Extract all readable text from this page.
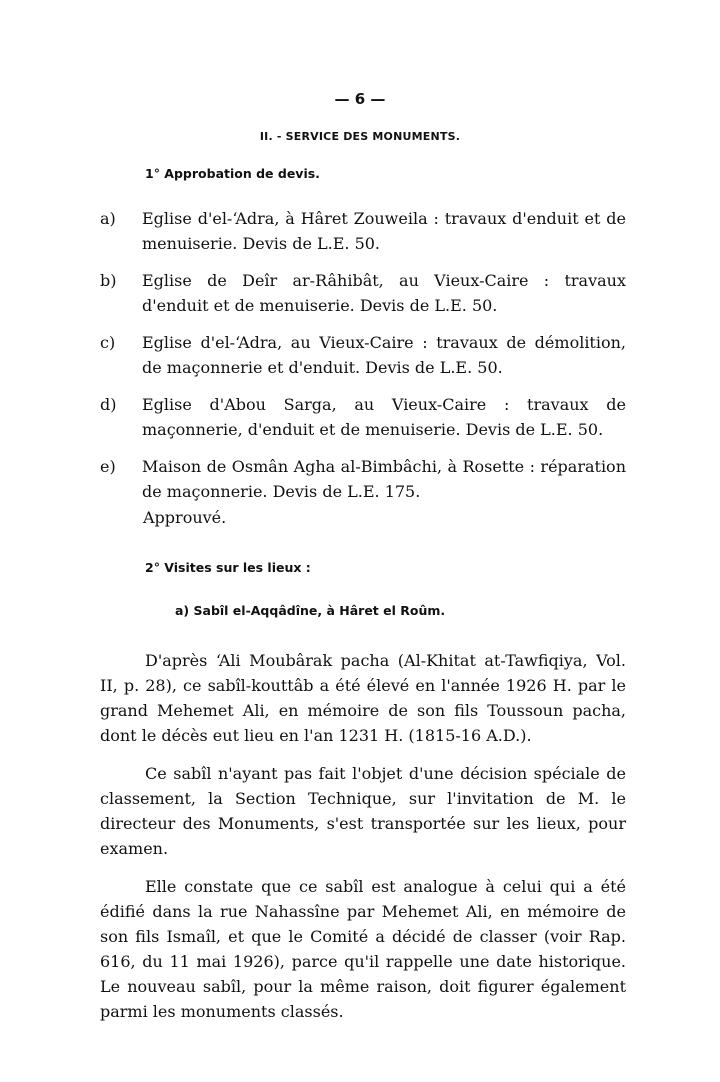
— 6 —
II. - SERVICE DES MONUMENTS.
1° Approbation de devis.
a)	Eglise d'el-ʻAdra, à Hâret Zouweila : travaux d'enduit et de menuiserie. Devis de L.E. 50.
b)	Eglise de Deîr ar-Râhibât, au Vieux-Caire : travaux d'enduit et de menuiserie. Devis de L.E. 50.
c)	Eglise d'el-ʻAdra, au Vieux-Caire : travaux de démolition, de maçonnerie et d'enduit. Devis de L.E. 50.
d)	Eglise d'Abou Sarga, au Vieux-Caire : travaux de maçonnerie, d'enduit et de menuiserie. Devis de L.E. 50.
e)	Maison de Osmân Agha al-Bimbâchi, à Rosette : réparation de maçonnerie. Devis de L.E. 175.
Approuvé.
2° Visites sur les lieux :
a) Sabîl el-Aqqâdîne, à Hâret el Roûm.

D'après ʻAli Moubârak pacha (Al-Khitat at-Tawfiqiya, Vol. II, p. 28), ce sabîl-kouttâb a été élevé en l'année 1926 H. par le grand Mehemet Ali, en mémoire de son fils Toussoun pacha, dont le décès eut lieu en l'an 1231 H. (1815-16 A.D.).

Ce sabîl n'ayant pas fait l'objet d'une décision spéciale de classement, la Section Technique, sur l'invitation de M. le directeur des Monuments, s'est transportée sur les lieux, pour examen.

Elle constate que ce sabîl est analogue à celui qui a été édifié dans la rue Nahassîne par Mehemet Ali, en mémoire de son fils Ismaîl, et que le Comité a décidé de classer (voir Rap. 616, du 11 mai 1926), parce qu'il rappelle une date historique. Le nouveau sabîl, pour la même raison, doit figurer également parmi les monuments classés.
